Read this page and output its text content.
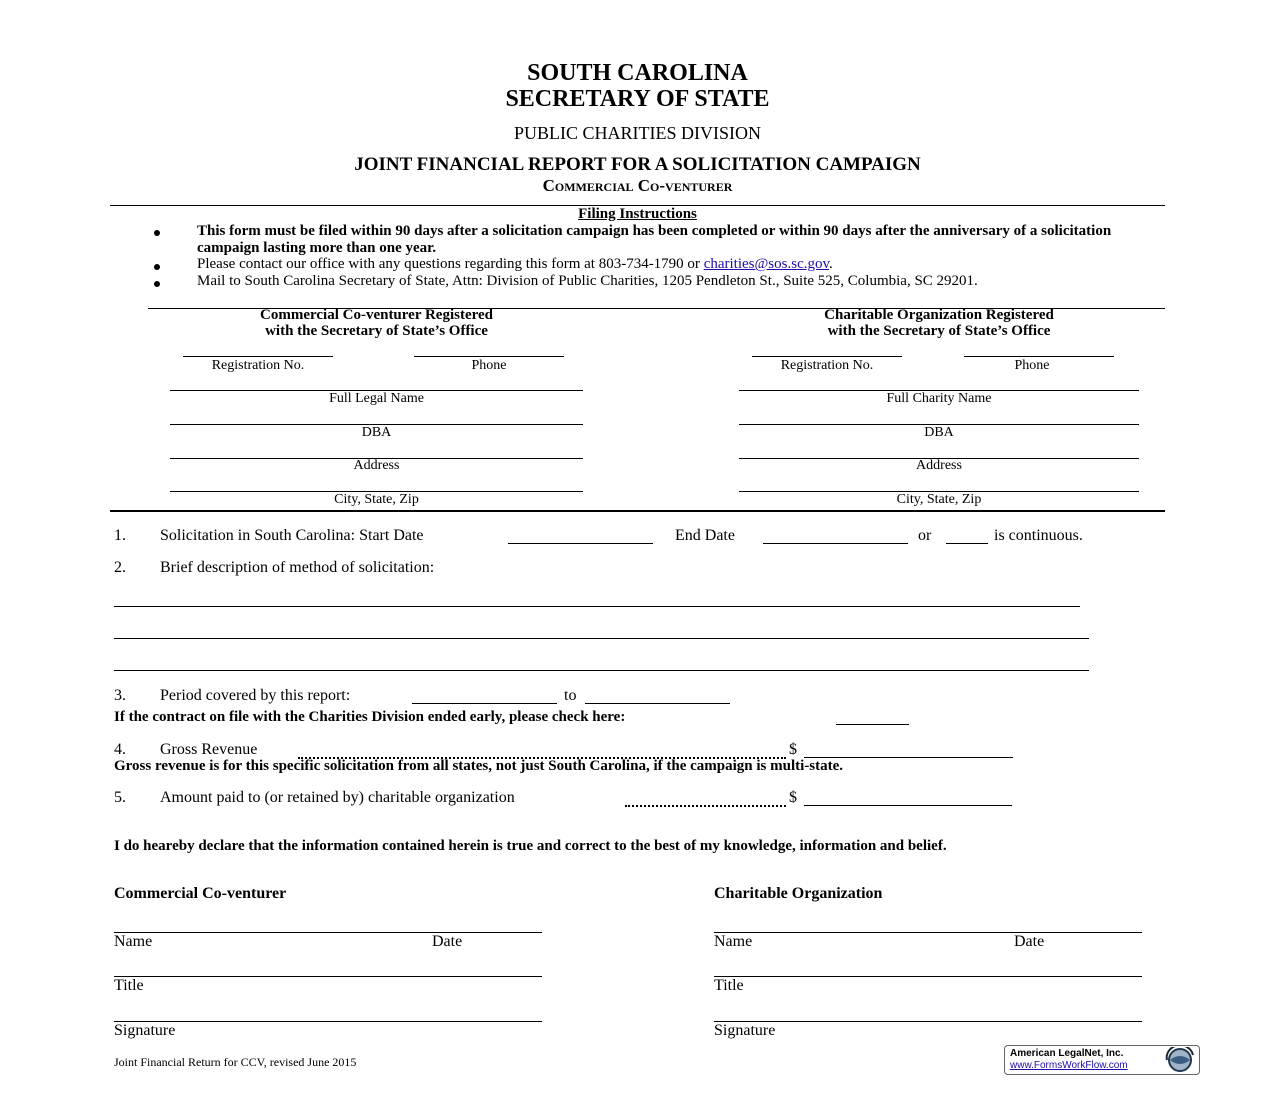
SOUTH CAROLINA
SECRETARY OF STATE
PUBLIC CHARITIES DIVISION
JOINT FINANCIAL REPORT FOR A SOLICITATION CAMPAIGN
Commercial Co-venturer
Filing Instructions
This form must be filed within 90 days after a solicitation campaign has been completed or within 90 days after the anniversary of a solicitation campaign lasting more than one year.
Please contact our office with any questions regarding this form at 803-734-1790 or charities@sos.sc.gov.
Mail to South Carolina Secretary of State, Attn: Division of Public Charities, 1205 Pendleton St., Suite 525, Columbia, SC 29201.
Commercial Co-venturer Registered
with the Secretary of State’s Office
Registration No.	Phone
Full Legal Name
DBA
Address
City, State, Zip
Charitable Organization Registered
with the Secretary of State’s Office
Registration No.	Phone
Full Charity Name
DBA
Address
City, State, Zip
1. Solicitation in South Carolina: Start Date	End Date	or	is continuous.
2. Brief description of method of solicitation:
3. Period covered by this report:	to
If the contract on file with the Charities Division ended early, please check here:
4. Gross Revenue	$
Gross revenue is for this specific solicitation from all states, not just South Carolina, if the campaign is multi-state.
5. Amount paid to (or retained by) charitable organization	$
I do heareby declare that the information contained herein is true and correct to the best of my knowledge, information and belief.
Commercial Co-venturer
Name	Date
Title
Signature
Charitable Organization
Name	Date
Title
Signature
Joint Financial Return for CCV, revised June 2015
American LegalNet, Inc.
www.FormsWorkFlow.com
